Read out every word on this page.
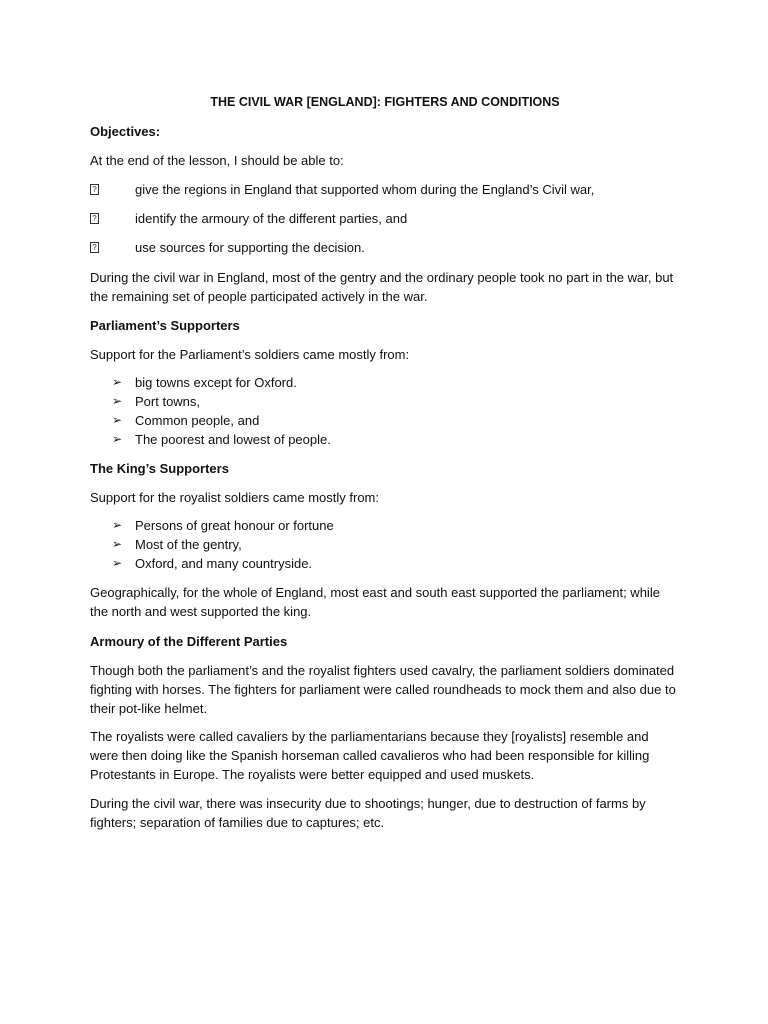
THE CIVIL WAR [ENGLAND]: FIGHTERS AND CONDITIONS
Objectives:
At the end of the lesson, I should be able to:
?	give the regions in England that supported whom during the England’s Civil war,
?	identify the armoury of the different parties, and
?	use sources for supporting the decision.
During the civil war in England, most of the gentry and the ordinary people took no part in the war, but the remaining set of people participated actively in the war.
Parliament’s Supporters
Support for the Parliament’s soldiers came mostly from:
➢ big towns except for Oxford.
➢ Port towns,
➢ Common people, and
➢ The poorest and lowest of people.
The King’s Supporters
Support for the royalist soldiers came mostly from:
➢ Persons of great honour or fortune
➢ Most of the gentry,
➢ Oxford, and many countryside.
Geographically, for the whole of England, most east and south east supported the parliament; while the north and west supported the king.
Armoury of the Different Parties
Though both the parliament’s and the royalist fighters used cavalry, the parliament soldiers dominated fighting with horses. The fighters for parliament were called roundheads to mock them and also due to their pot-like helmet.
The royalists were called cavaliers by the parliamentarians because they [royalists] resemble and were then doing like the Spanish horseman called cavalieros who had been responsible for killing Protestants in Europe. The royalists were better equipped and used muskets.
During the civil war, there was insecurity due to shootings; hunger, due to destruction of farms by fighters; separation of families due to captures; etc.
